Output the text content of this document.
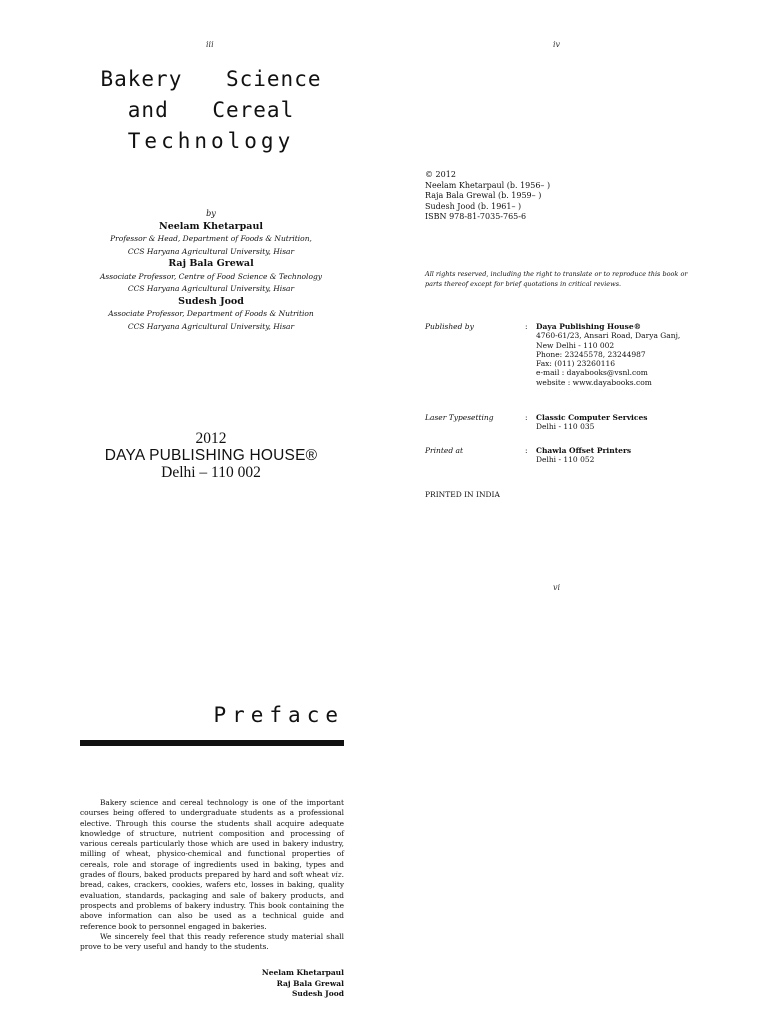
iii	iv
vi
Bakery Science
and Cereal
Technology
by
Neelam Khetarpaul
Professor & Head, Department of Foods & Nutrition,
CCS Haryana Agricultural University, Hisar
Raj Bala Grewal
Associate Professor, Centre of Food Science & Technology
CCS Haryana Agricultural University, Hisar
Sudesh Jood
Associate Professor, Department of Foods & Nutrition
CCS Haryana Agricultural University, Hisar
2012
DAYA PUBLISHING HOUSE®
Delhi – 110 002
© 2012
Neelam Khetarpaul (b. 1956– )
Raja Bala Grewal (b. 1959– )
Sudesh Jood (b. 1961– )
ISBN 978-81-7035-765-6
All rights reserved, including the right to translate or to reproduce this book or parts thereof except for brief quotations in critical reviews.
Published by	: Daya Publishing House®
4760-61/23, Ansari Road, Darya Ganj,
New Delhi - 110 002
Phone: 23245578, 23244987
Fax: (011) 23260116
e-mail : dayabooks@vsnl.com
website : www.dayabooks.com
Laser Typesetting	: Classic Computer Services
Delhi - 110 035
Printed at	: Chawla Offset Printers
Delhi - 110 052
PRINTED IN INDIA
Preface

Bakery science and cereal technology is one of the important courses being offered to undergraduate students as a professional elective. Through this course the students shall acquire adequate knowledge of structure, nutrient composition and processing of various cereals particularly those which are used in bakery industry, milling of wheat, physico-chemical and functional properties of cereals, role and storage of ingredients used in baking, types and grades of flours, baked products prepared by hard and soft wheat viz. bread, cakes, crackers, cookies, wafers etc, losses in baking, quality evaluation, standards, packaging and sale of bakery products, and prospects and problems of bakery industry. This book containing the above information can also be used as a technical guide and reference book to personnel engaged in bakeries.

We sincerely feel that this ready reference study material shall prove to be very useful and handy to the students.

Neelam Khetarpaul
Raj Bala Grewal
Sudesh Jood
